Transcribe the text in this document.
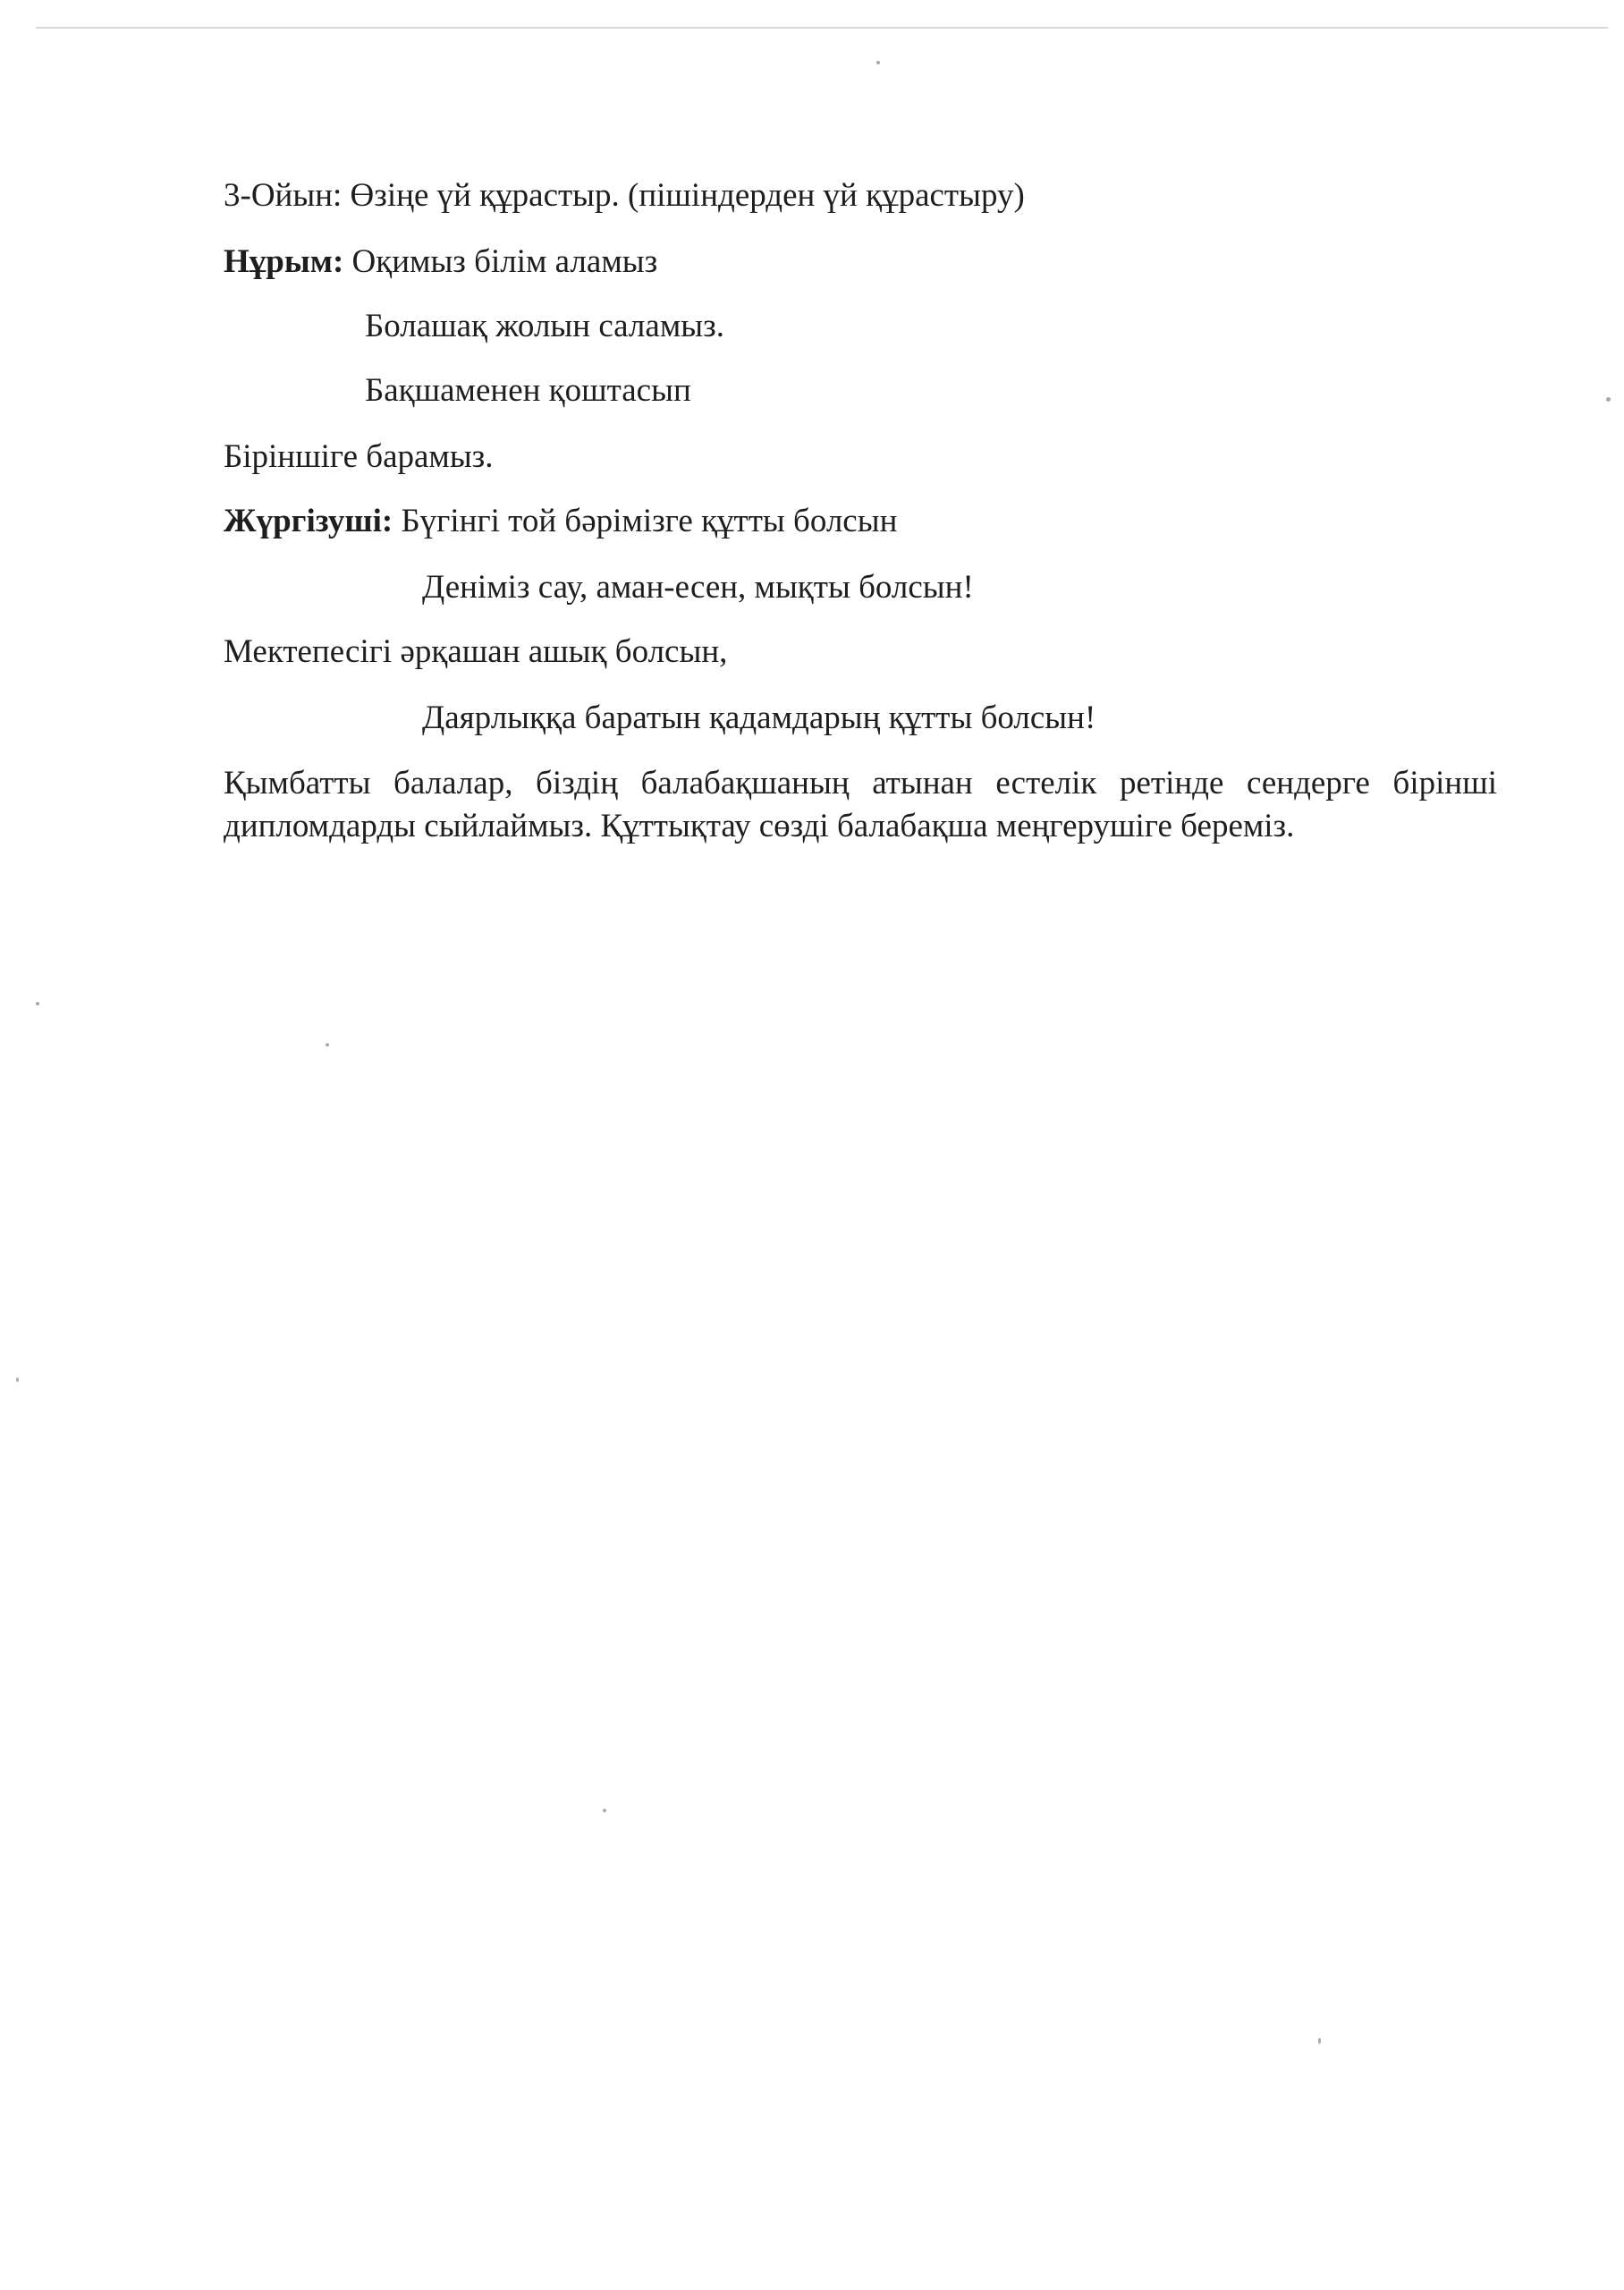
3-Ойын: Өзіңе үй құрастыр. (пішіндерден үй құрастыру)

Нұрым: Оқимыз білім аламыз

Болашақ жолын саламыз.

Бақшаменен қоштасып

Біріншіге барамыз.

Жүргізуші: Бүгінгі той бәрімізге құтты болсын

Деніміз сау, аман-есен, мықты болсын!

Мектепесігі әрқашан ашық болсын,

Даярлыққа баратын қадамдарың құтты болсын!

Қымбатты балалар, біздің балабақшаның атынан естелік ретінде сендерге бірінші дипломдарды сыйлаймыз. Құттықтау сөзді балабақша меңгерушіге береміз.
